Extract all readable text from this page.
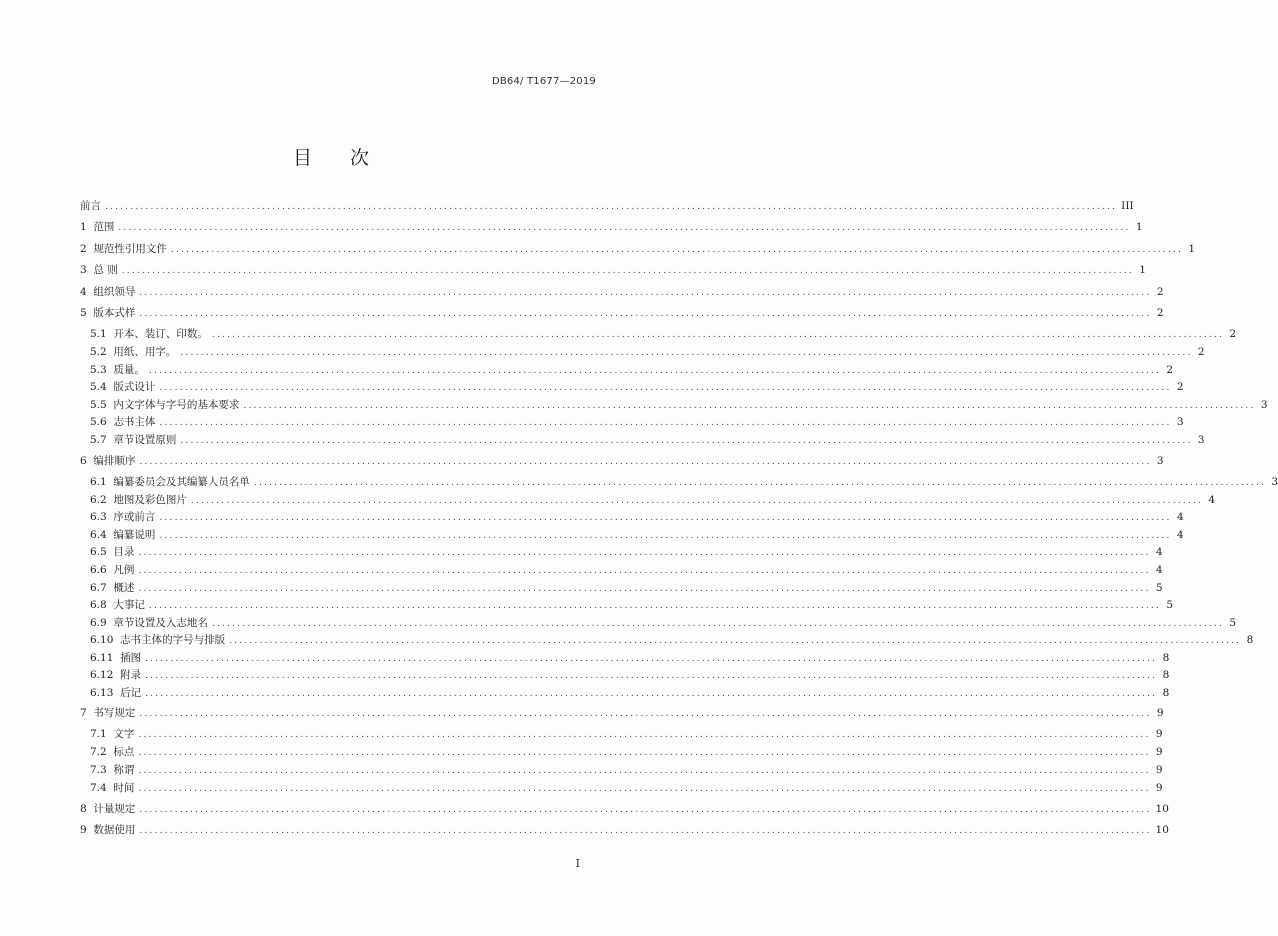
DB64/ T1677—2019
目次
前言 ........................................................................................................................................................................................................ III
1 范围 ........................................................................................................................................................................................................ 1
2 规范性引用文件 ........................................................................................................................................................................................................ 1
3 总 则 ........................................................................................................................................................................................................ 1
4 组织领导 ........................................................................................................................................................................................................ 2
5 版本式样 ........................................................................................................................................................................................................ 2
5.1 开本、装订、印数。 ........................................................................................................................................................................................................ 2
5.2 用纸、用字。 ........................................................................................................................................................................................................ 2
5.3 质量。 ........................................................................................................................................................................................................ 2
5.4 版式设计 ........................................................................................................................................................................................................ 2
5.5 内文字体与字号的基本要求 ........................................................................................................................................................................................................ 3
5.6 志书主体 ........................................................................................................................................................................................................ 3
5.7 章节设置原则 ........................................................................................................................................................................................................ 3
6 编排顺序 ........................................................................................................................................................................................................ 3
6.1 编纂委员会及其编纂人员名单 ........................................................................................................................................................................................................ 3
6.2 地图及彩色图片 ........................................................................................................................................................................................................ 4
6.3 序或前言 ........................................................................................................................................................................................................ 4
6.4 编纂说明 ........................................................................................................................................................................................................ 4
6.5 目录 ........................................................................................................................................................................................................ 4
6.6 凡例 ........................................................................................................................................................................................................ 4
6.7 概述 ........................................................................................................................................................................................................ 5
6.8 大事记 ........................................................................................................................................................................................................ 5
6.9 章节设置及入志地名 ........................................................................................................................................................................................................ 5
6.10 志书主体的字号与排版 ........................................................................................................................................................................................................ 8
6.11 插图 ........................................................................................................................................................................................................ 8
6.12 附录 ........................................................................................................................................................................................................ 8
6.13 后记 ........................................................................................................................................................................................................ 8
7 书写规定 ........................................................................................................................................................................................................ 9
7.1 文字 ........................................................................................................................................................................................................ 9
7.2 标点 ........................................................................................................................................................................................................ 9
7.3 称谓 ........................................................................................................................................................................................................ 9
7.4 时间 ........................................................................................................................................................................................................ 9
8 计量规定 ........................................................................................................................................................................................................ 10
9 数据使用 ........................................................................................................................................................................................................ 10
I
